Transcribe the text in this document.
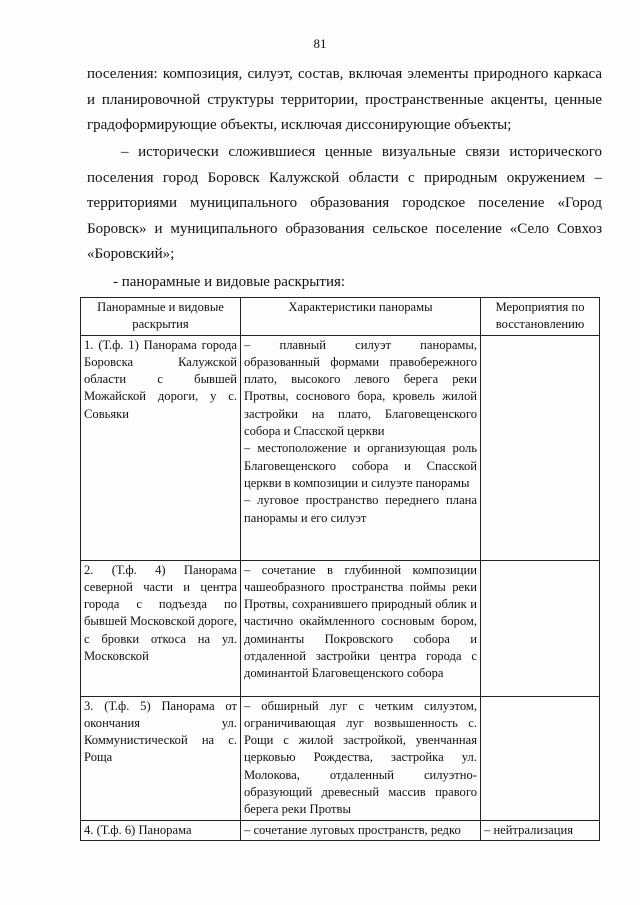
81

поселения: композиция, силуэт, состав, включая элементы природного каркаса и планировочной структуры территории, пространственные акценты, ценные градоформирующие объекты, исключая диссонирующие объекты;

– исторически сложившиеся ценные визуальные связи исторического поселения город Боровск Калужской области с природным окружением – территориями муниципального образования городское поселение «Город Боровск» и муниципального образования сельское поселение «Село Совхоз «Боровский»;

- панорамные и видовые раскрытия:

Панорамные и видовые раскрытия	Характеристики панорамы	Мероприятия по восстановлению
1. (Т.ф. 1) Панорама города Боровска Калужской области с бывшей Можайской дороги, у с. Совьяки	– плавный силуэт панорамы, образованный формами правобережного плато, высокого левого берега реки Протвы, соснового бора, кровель жилой застройки на плато, Благовещенского собора и Спасской церкви
– местоположение и организующая роль Благовещенского собора и Спасской церкви в композиции и силуэте панорамы
– луговое пространство переднего плана панорамы и его силуэт	

2. (Т.ф. 4) Панорама северной части и центра города с подъезда по бывшей Московской дороге, с бровки откоса на ул. Московской	– сочетание в глубинной композиции чашеобразного пространства поймы реки Протвы, сохранившего природный облик и частично окаймленного сосновым бором, доминанты Покровского собора и отдаленной застройки центра города с доминантой Благовещенского собора	

3. (Т.ф. 5) Панорама от окончания ул. Коммунистической на с. Роща	– обширный луг с четким силуэтом, ограничивающая луг возвышенность с. Рощи с жилой застройкой, увенчанная церковью Рождества, застройка ул. Молокова, отдаленный силуэтно-образующий древесный массив правого берега реки Протвы	

4. (Т.ф. 6) Панорама	– сочетание луговых пространств, редко	– нейтрализация
